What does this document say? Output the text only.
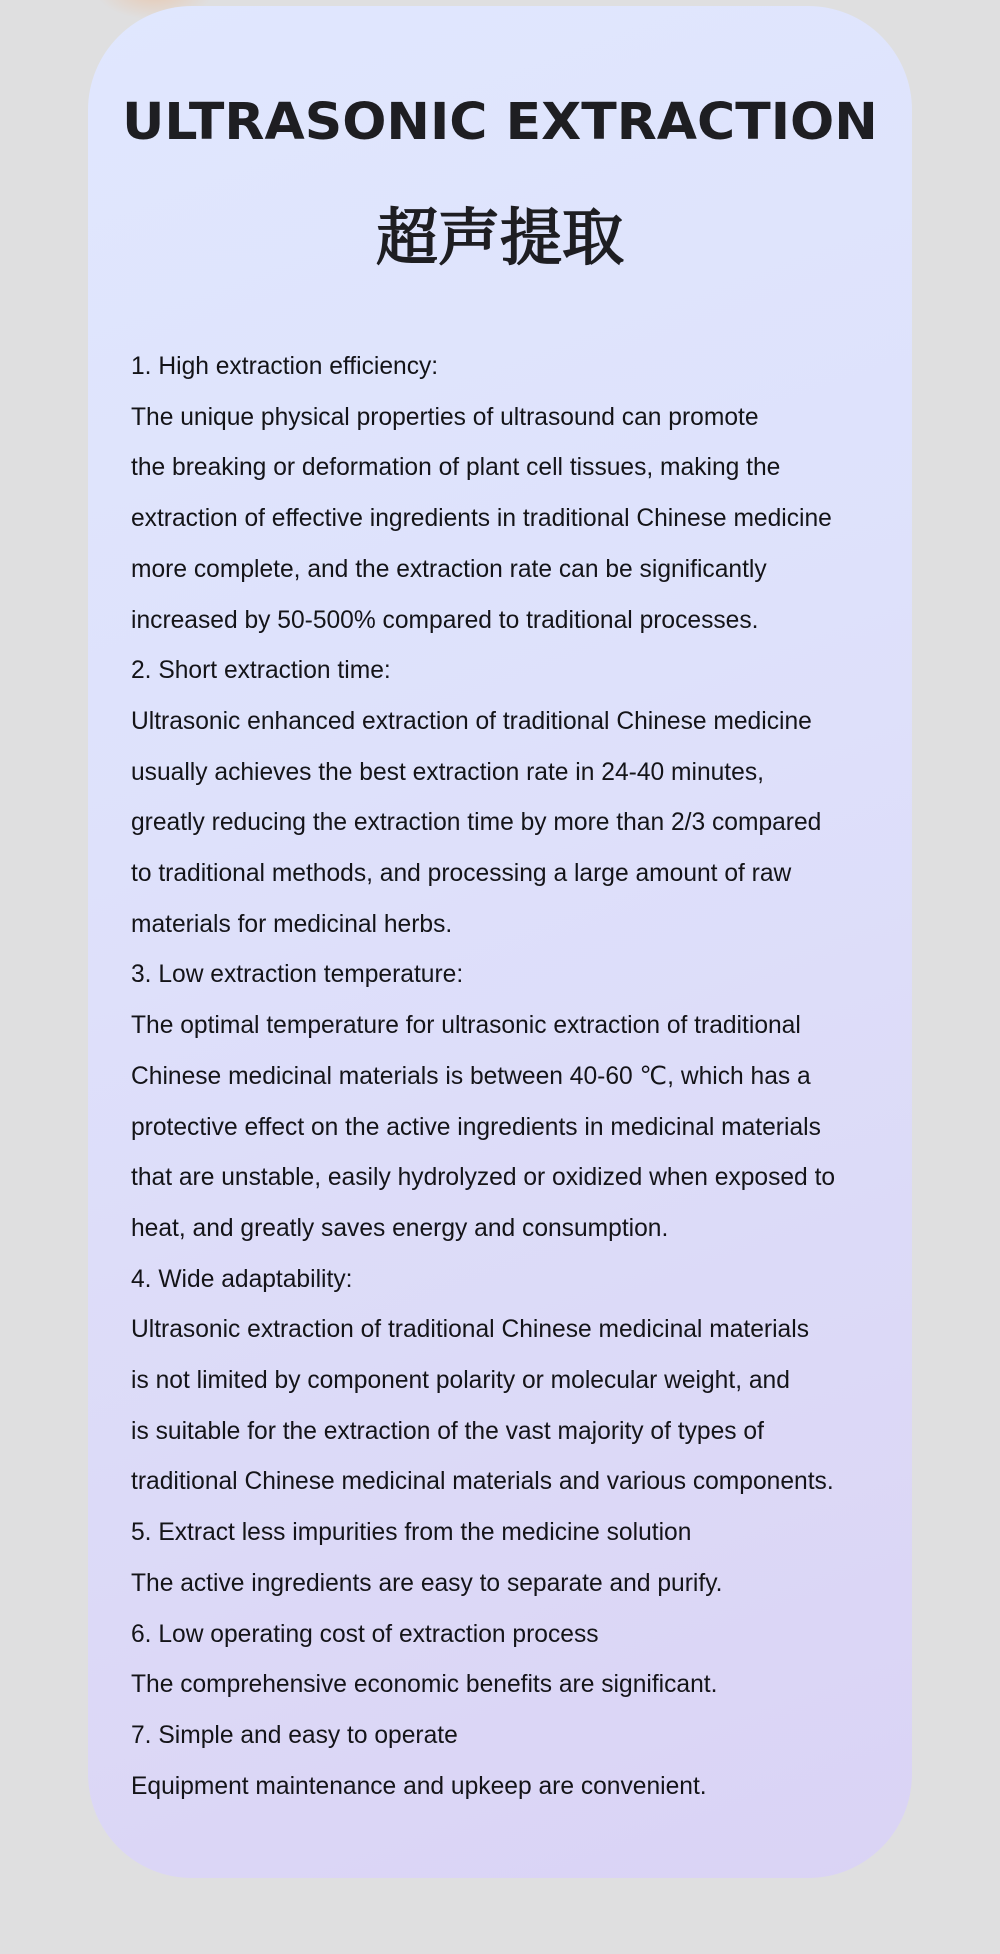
ULTRASONIC EXTRACTION
超声提取
1. High extraction efficiency:
The unique physical properties of ultrasound can promote
the breaking or deformation of plant cell tissues, making the
extraction of effective ingredients in traditional Chinese medicine
more complete, and the extraction rate can be significantly
increased by 50-500% compared to traditional processes.
2. Short extraction time:
Ultrasonic enhanced extraction of traditional Chinese medicine
usually achieves the best extraction rate in 24-40 minutes,
greatly reducing the extraction time by more than 2/3 compared
to traditional methods, and processing a large amount of raw
materials for medicinal herbs.
3. Low extraction temperature:
The optimal temperature for ultrasonic extraction of traditional
Chinese medicinal materials is between 40-60 ℃, which has a
protective effect on the active ingredients in medicinal materials
that are unstable, easily hydrolyzed or oxidized when exposed to
heat, and greatly saves energy and consumption.
4. Wide adaptability:
Ultrasonic extraction of traditional Chinese medicinal materials
is not limited by component polarity or molecular weight, and
is suitable for the extraction of the vast majority of types of
traditional Chinese medicinal materials and various components.
5. Extract less impurities from the medicine solution
The active ingredients are easy to separate and purify.
6. Low operating cost of extraction process
The comprehensive economic benefits are significant.
7. Simple and easy to operate
Equipment maintenance and upkeep are convenient.
